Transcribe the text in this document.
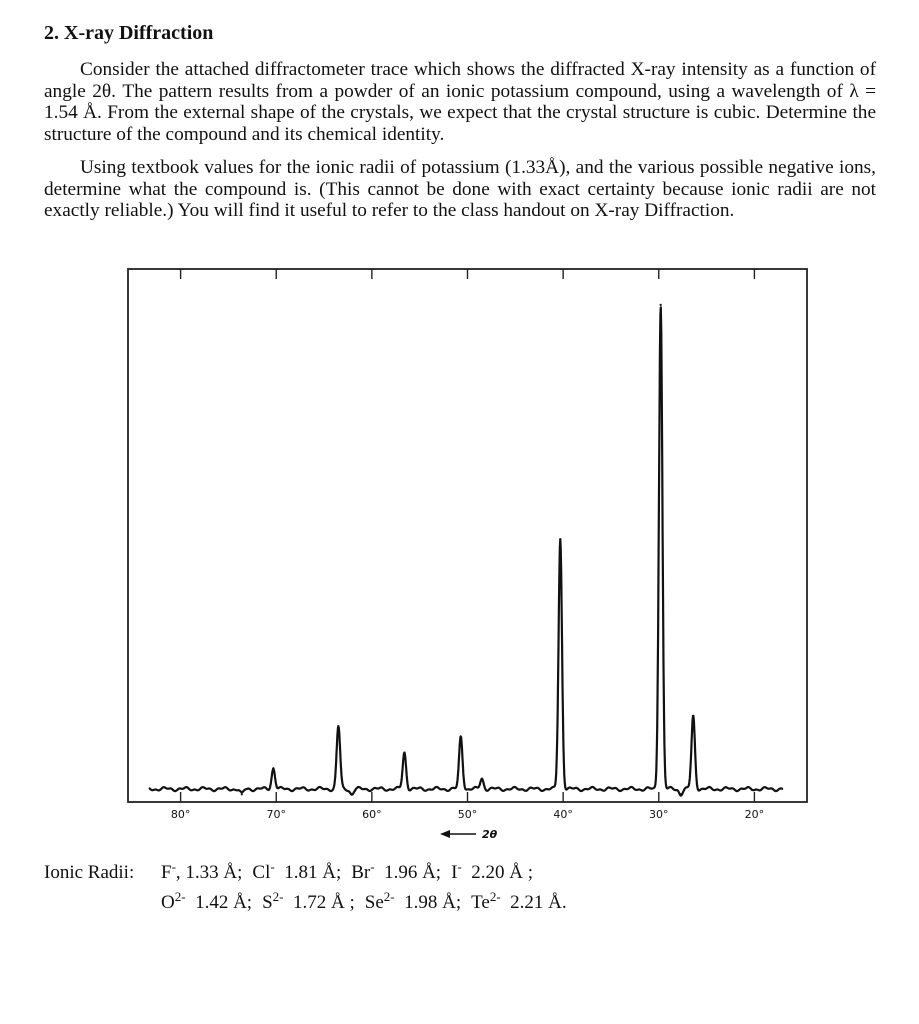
2. X-ray Diffraction

Consider the attached diffractometer trace which shows the diffracted X-ray intensity as a function of angle 2θ. The pattern results from a powder of an ionic potassium compound, using a wavelength of λ = 1.54 Å. From the external shape of the crystals, we expect that the crystal structure is cubic. Determine the structure of the compound and its chemical identity.

Using textbook values for the ionic radii of potassium (1.33Å), and the various possible negative ions, determine what the compound is. (This cannot be done with exact certainty because ionic radii are not exactly reliable.) You will find it useful to refer to the class handout on X-ray Diffraction.

80°	70°	60°	50°	40°	30°	20°
2θ
Ionic Radii: F-, 1.33 Å; Cl- 1.81 Å; Br- 1.96 Å; I- 2.20 Å ;
$O^{2-}$ 1.42 Å; $S^{2-}$ 1.72 Å ; $Se^{2-}$ 1.98 Å; $Te^{2-}$ 2.21 Å.
